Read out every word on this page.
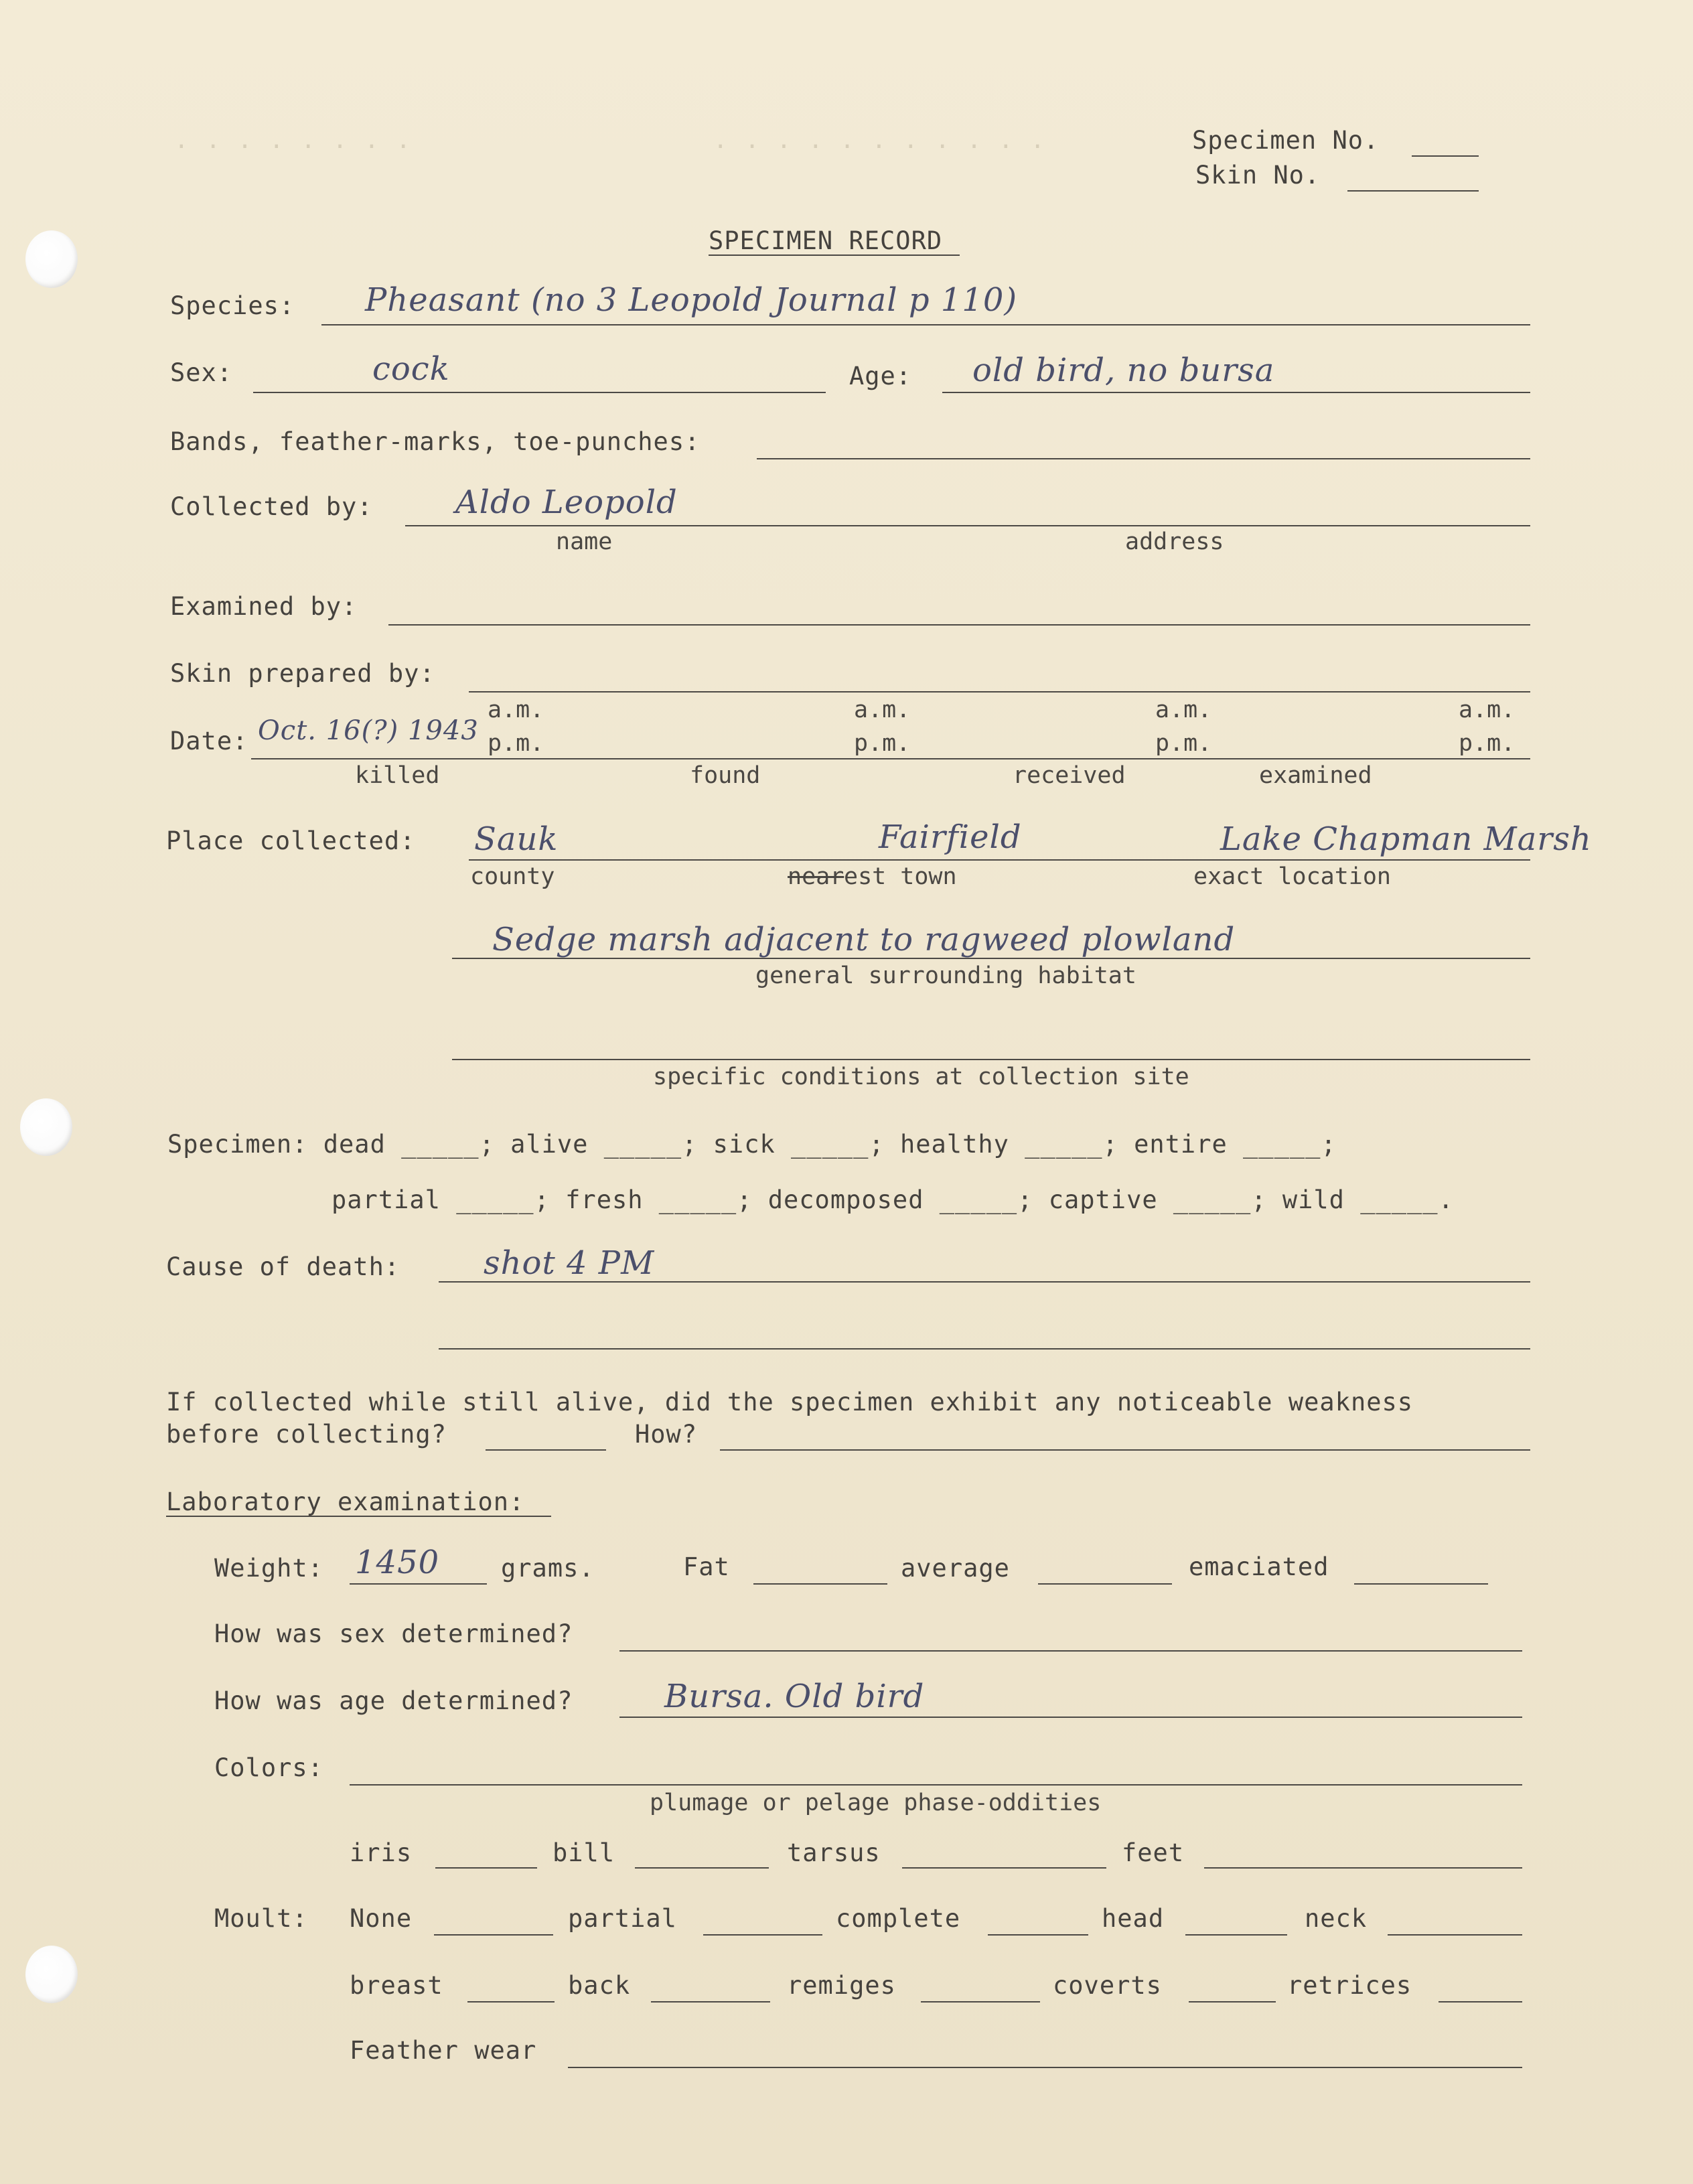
. . . . . . . .                   . . . . . . . . . . .	Specimen No.
Skin No.
SPECIMEN RECORD
Species: Pheasant (no 3 Leopold Journal p 110)
Sex:	cock	Age: old bird, no bursa
Bands, feather-marks, toe-punches:
Collected by:	Aldo Leopold
name	address
Examined by:
Skin prepared by:
Date: Oct. 16(?) 1943
a.m.
p.m.
a.m.
p.m.
a.m.
p.m.
a.m.
p.m.
killed	found	received	examined
Place collected: Sauk	Fairfield	Lake Chapman Marsh
county	near est town	exact location
Sedge marsh adjacent to ragweed plowland
general surrounding habitat
specific conditions at collection site
Specimen: dead _____; alive _____; sick _____; healthy _____; entire _____;
partial _____; fresh _____; decomposed _____; captive _____; wild _____.
Cause of death:	shot 4 PM
If collected while still alive, did the specimen exhibit any noticeable weakness
before collecting?	How?
Laboratory examination:
Weight: 1450 grams.	Fat	average	emaciated
How was sex determined?
How was age determined?	Bursa. Old bird
Colors:
plumage or pelage phase-oddities
iris	bill	tarsus	feet
Moult: None	partial	complete	head	neck
breast	back	remiges	coverts	retrices
Feather wear
